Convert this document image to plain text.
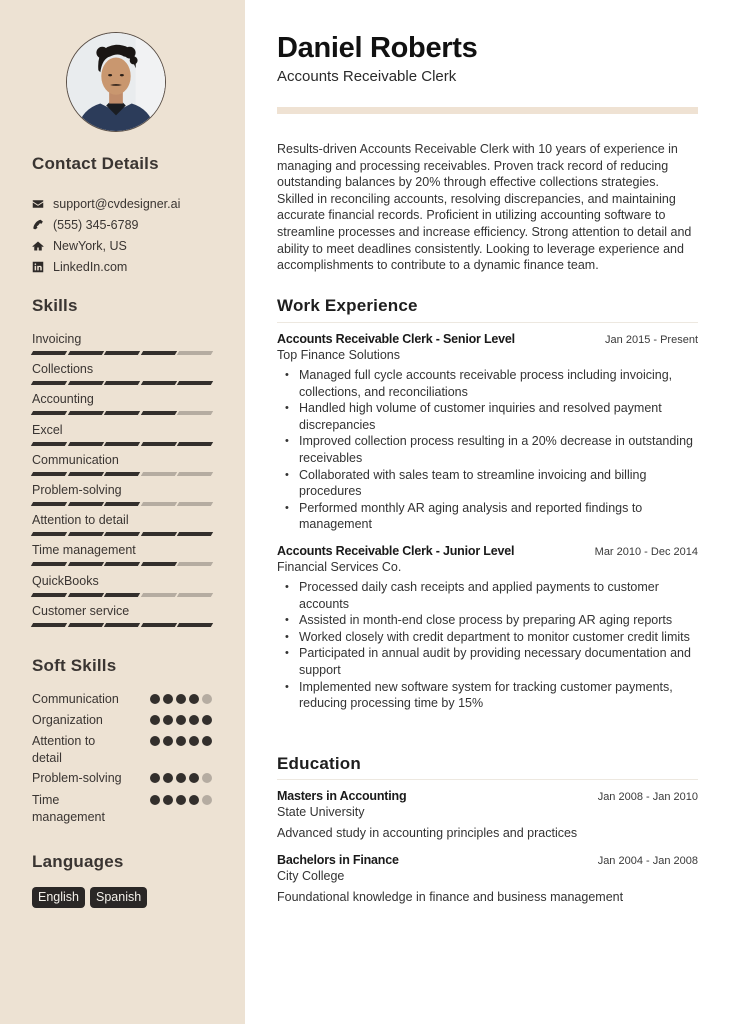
Contact Details
support@cvdesigner.ai
(555) 345-6789
NewYork, US
LinkedIn.com
Skills
Invoicing
Collections
Accounting
Excel
Communication
Problem-solving
Attention to detail
Time management
QuickBooks
Customer service
Soft Skills
Communication
Organization
Attention to detail
Problem-solving
Time management
Languages
English	Spanish
Daniel Roberts
Accounts Receivable Clerk

Results-driven Accounts Receivable Clerk with 10 years of experience in managing and processing receivables. Proven track record of reducing outstanding balances by 20% through effective collections strategies. Skilled in reconciling accounts, resolving discrepancies, and maintaining accurate financial records. Proficient in utilizing accounting software to streamline processes and increase efficiency. Strong attention to detail and ability to meet deadlines consistently. Looking to leverage experience and accomplishments to contribute to a dynamic finance team.

Work Experience
Accounts Receivable Clerk - Senior Level	Jan 2015 - Present
Top Finance Solutions
• Managed full cycle accounts receivable process including invoicing, collections, and reconciliations
• Handled high volume of customer inquiries and resolved payment discrepancies
• Improved collection process resulting in a 20% decrease in outstanding receivables
• Collaborated with sales team to streamline invoicing and billing procedures
• Performed monthly AR aging analysis and reported findings to management
Accounts Receivable Clerk - Junior Level	Mar 2010 - Dec 2014
Financial Services Co.
• Processed daily cash receipts and applied payments to customer accounts
• Assisted in month-end close process by preparing AR aging reports
• Worked closely with credit department to monitor customer credit limits
• Participated in annual audit by providing necessary documentation and support
• Implemented new software system for tracking customer payments, reducing processing time by 15%
Education
Masters in Accounting	Jan 2008 - Jan 2010
State University
Advanced study in accounting principles and practices
Bachelors in Finance	Jan 2004 - Jan 2008
City College
Foundational knowledge in finance and business management
